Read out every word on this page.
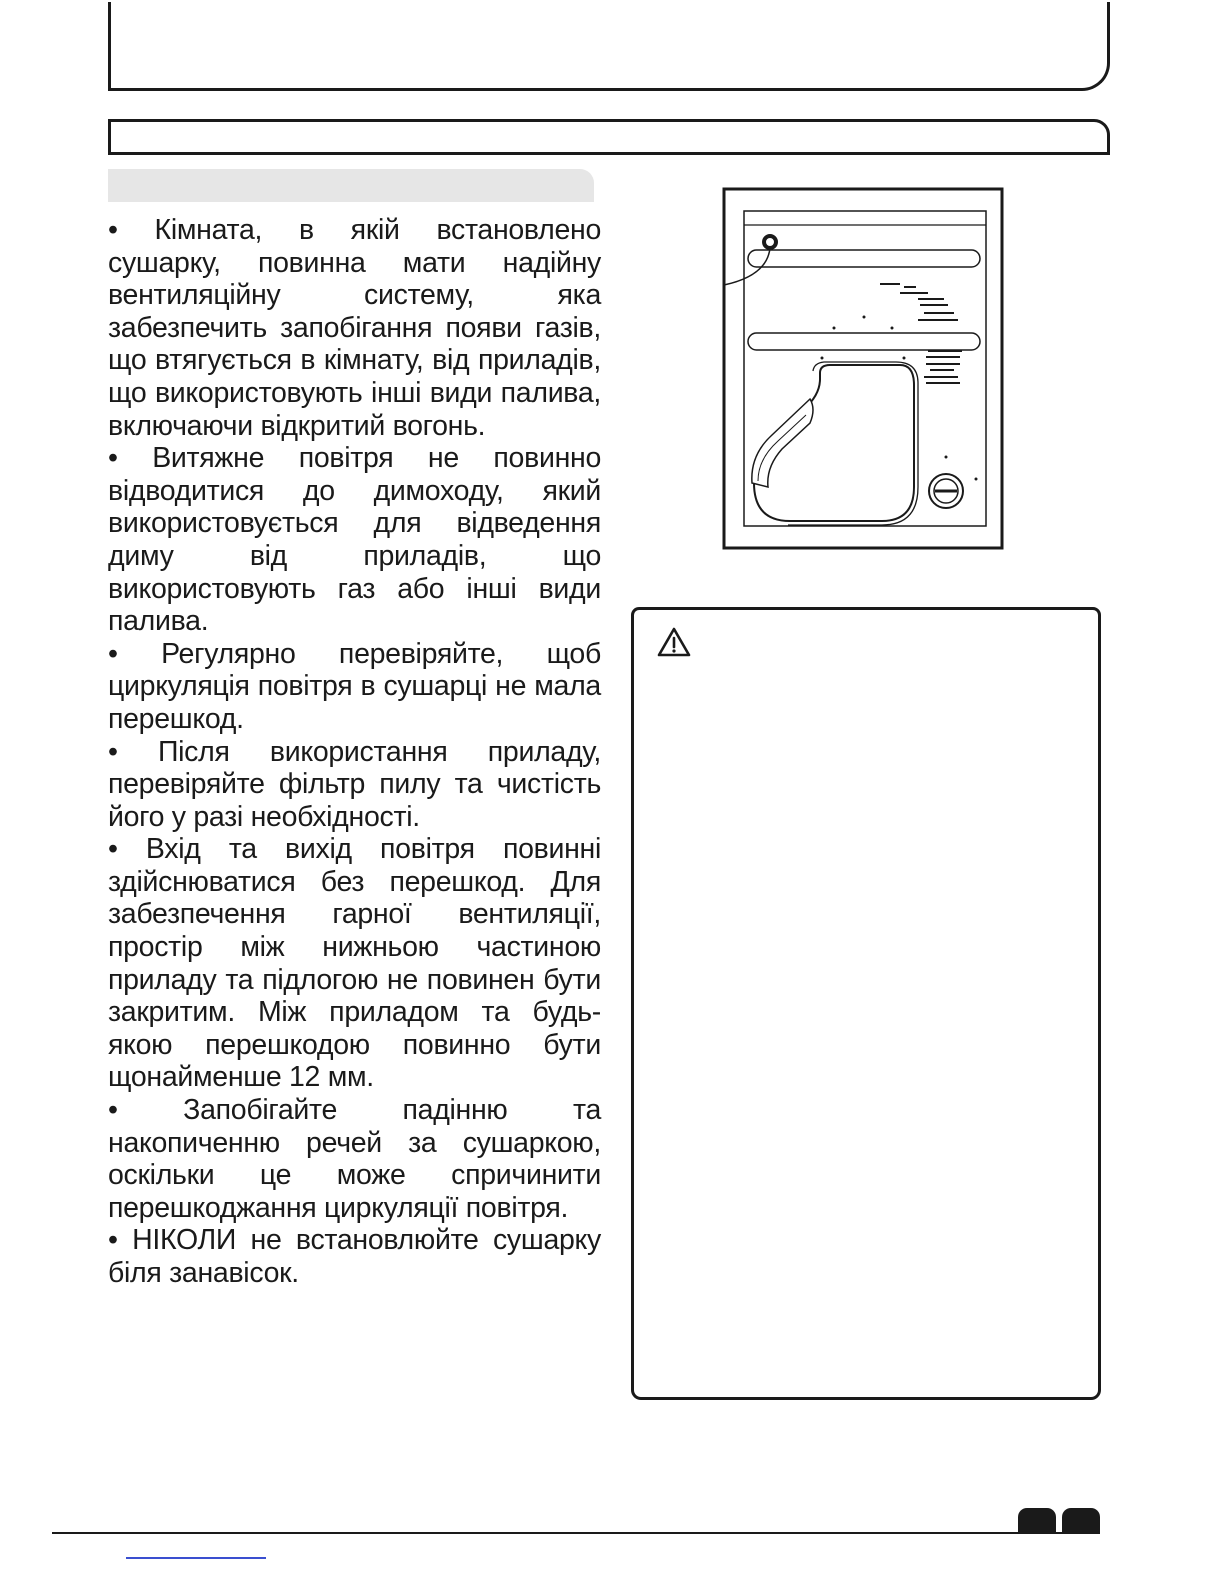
• Кімната, в якій встановлено сушарку, повинна мати надійну вентиляційну систему, яка забезпечить запобігання появи газів, що втягується в кімнату, від приладів, що використовують інші види палива, включаючи відкритий вогонь.
• Витяжне повітря не повинно відводитися до димоходу, який використовується для відведення диму від приладів, що використовують газ або інші види палива.
• Регулярно перевіряйте, щоб циркуляція повітря в сушарці не мала перешкод.
• Після використання приладу, перевіряйте фільтр пилу та чистість його у разі необхідності.
• Вхід та вихід повітря повинні здійснюватися без перешкод. Для забезпечення гарної вентиляції, простір між нижньою частиною приладу та підлогою не повинен бути закритим. Між приладом та будь-якою перешкодою повинно бути щонайменше 12 мм.
• Запобігайте падінню та накопиченню речей за сушаркою, оскільки це може спричинити перешкоджання циркуляції повітря.
• НІКОЛИ не встановлюйте сушарку біля занавісок.
